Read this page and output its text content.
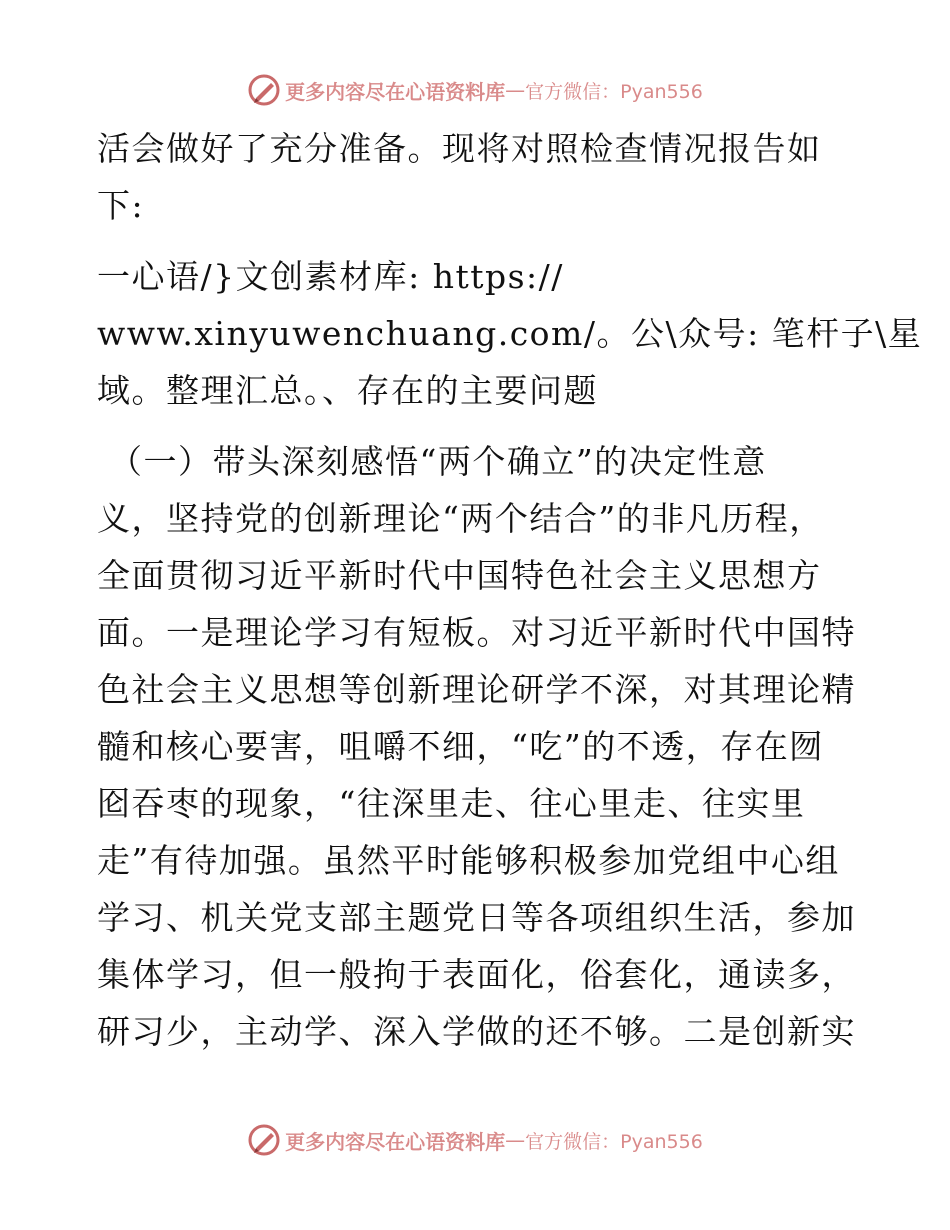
更多内容尽在心语资料库 — 官方微信：Pyan556
活会做好了充分准备。现将对照检查情况报告如
下:
一心语/}文创素材库: https://
www.xinyuwenchuang.com/。公\众号: 笔杆子\星
域。整理汇总。、存在的主要问题
（一）带头深刻感悟“两个确立”的决定性意
义，坚持党的创新理论“两个结合”的非凡历程，
全面贯彻习近平新时代中国特色社会主义思想方
面。一是理论学习有短板。对习近平新时代中国特
色社会主义思想等创新理论研学不深，对其理论精
髓和核心要害，咀嚼不细，“吃”的不透，存在囫
囵吞枣的现象，“往深里走、往心里走、往实里
走”有待加强。虽然平时能够积极参加党组中心组
学习、机关党支部主题党日等各项组织生活，参加
集体学习，但一般拘于表面化，俗套化，通读多，
研习少，主动学、深入学做的还不够。二是创新实
更多内容尽在心语资料库 — 官方微信：Pyan556
